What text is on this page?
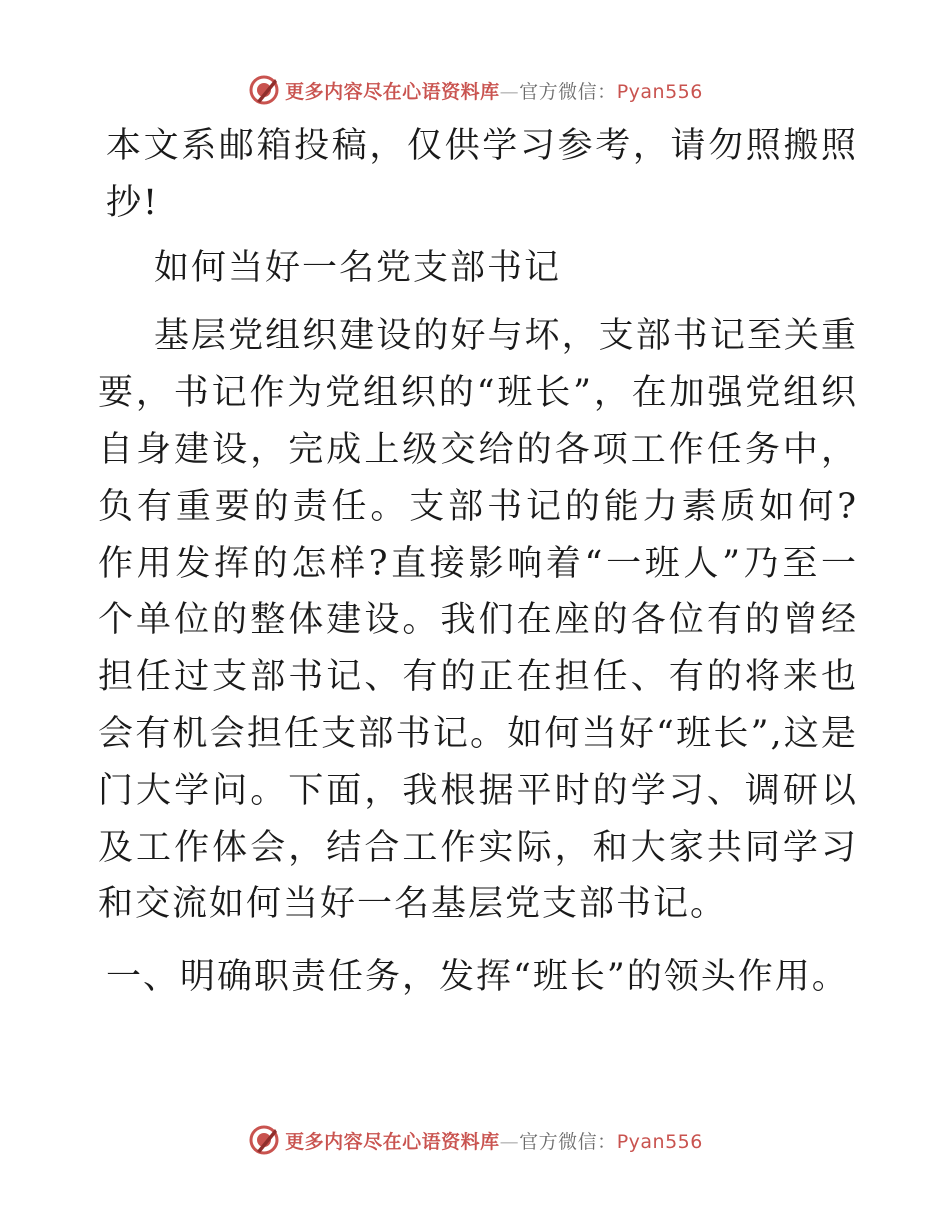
更多内容尽在心语资料库—官方微信：Pyan556

本文系邮箱投稿，仅供学习参考，请勿照搬照抄!

如何当好一名党支部书记

基层党组织建设的好与坏，支部书记至关重要，书记作为党组织的“班长”，在加强党组织自身建设，完成上级交给的各项工作任务中，负有重要的责任。支部书记的能力素质如何?作用发挥的怎样?直接影响着“一班人”乃至一个单位的整体建设。我们在座的各位有的曾经担任过支部书记、有的正在担任、有的将来也会有机会担任支部书记。如何当好“班长”,这是门大学问。下面，我根据平时的学习、调研以及工作体会，结合工作实际，和大家共同学习和交流如何当好一名基层党支部书记。

一、明确职责任务，发挥“班长”的领头作用。

更多内容尽在心语资料库—官方微信：Pyan556
